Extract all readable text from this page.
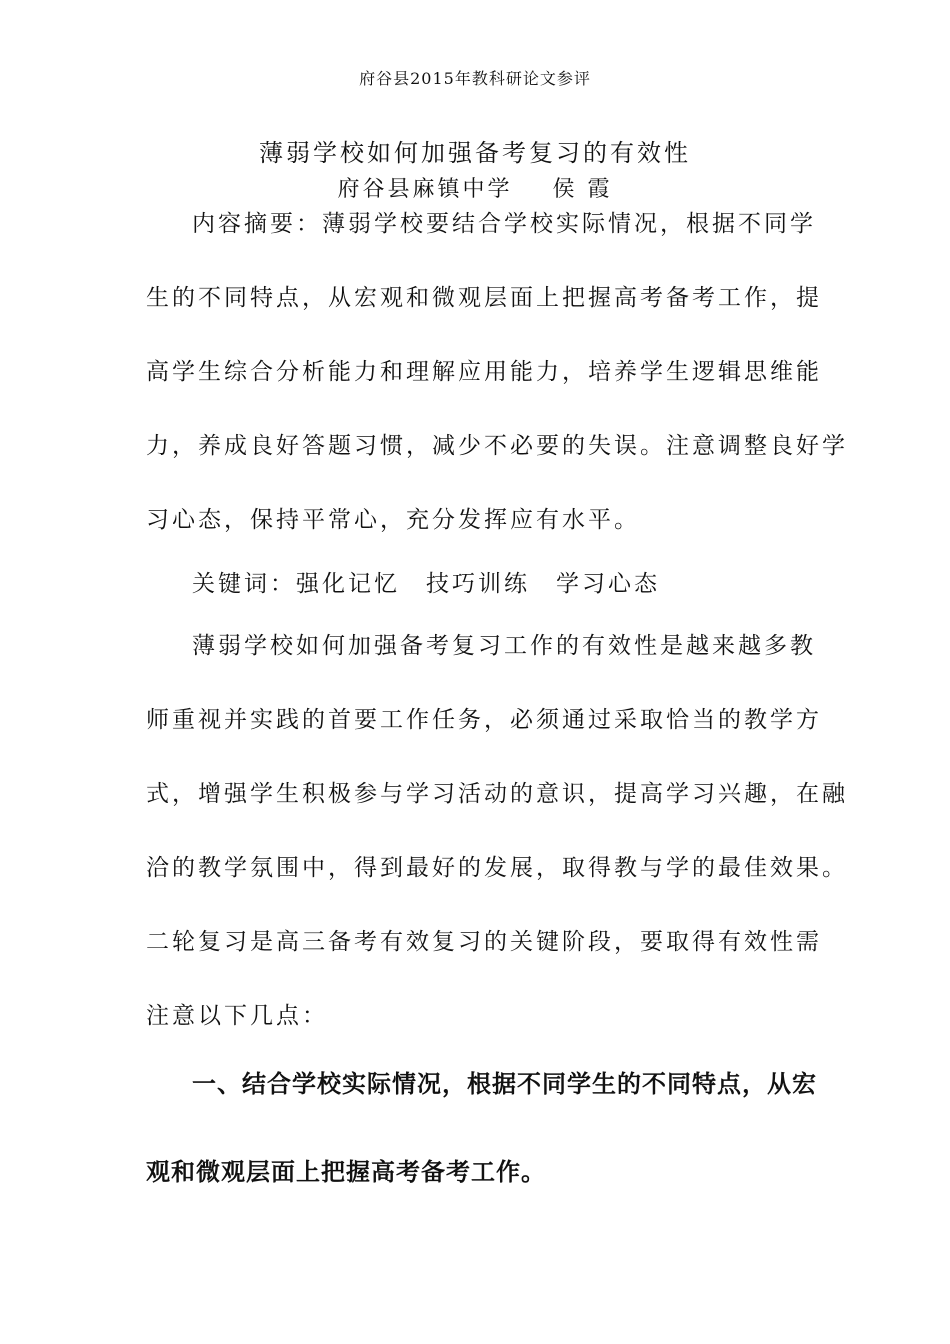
府谷县2015年教科研论文参评
薄弱学校如何加强备考复习的有效性
府谷县麻镇中学    侯 霞
内容摘要：薄弱学校要结合学校实际情况，根据不同学
生的不同特点，从宏观和微观层面上把握高考备考工作，提
高学生综合分析能力和理解应用能力，培养学生逻辑思维能
力，养成良好答题习惯，减少不必要的失误。注意调整良好学
习心态，保持平常心，充分发挥应有水平。
关键词：强化记忆 技巧训练 学习心态
薄弱学校如何加强备考复习工作的有效性是越来越多教
师重视并实践的首要工作任务，必须通过采取恰当的教学方
式，增强学生积极参与学习活动的意识，提高学习兴趣，在融
洽的教学氛围中，得到最好的发展，取得教与学的最佳效果。
二轮复习是高三备考有效复习的关键阶段，要取得有效性需
注意以下几点：
一、结合学校实际情况，根据不同学生的不同特点，从宏
观和微观层面上把握高考备考工作。
